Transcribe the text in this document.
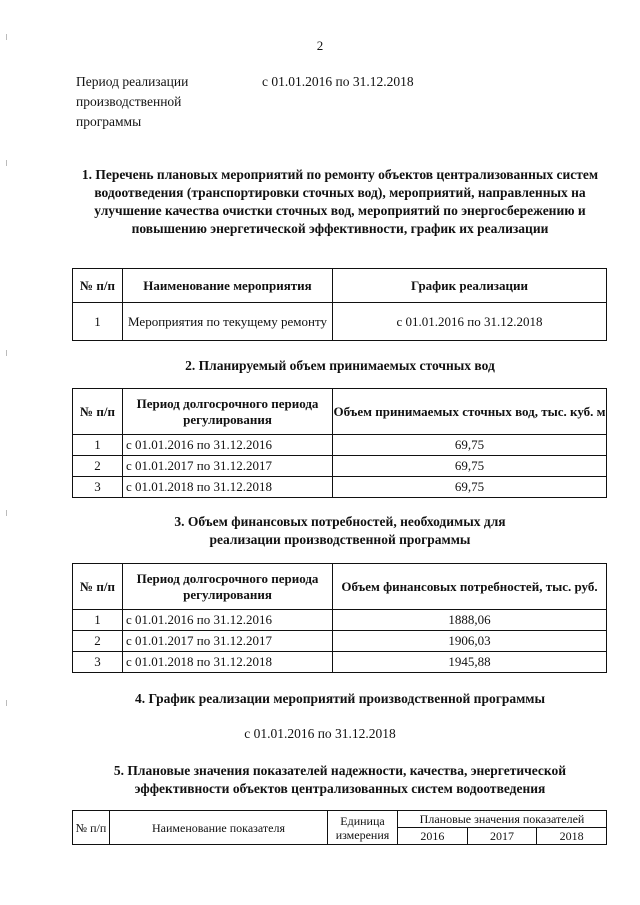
2
Период реализации производственной программы
с 01.01.2016 по 31.12.2018
1. Перечень плановых мероприятий по ремонту объектов централизованных систем водоотведения (транспортировки сточных вод), мероприятий, направленных на улучшение качества очистки сточных вод, мероприятий по энергосбережению и повышению энергетической эффективности, график их реализации
№ п/п	Наименование мероприятия	График реализации
1	Мероприятия по текущему ремонту	с 01.01.2016 по 31.12.2018
2. Планируемый объем принимаемых сточных вод
№ п/п	Период долгосрочного периода регулирования	Объем принимаемых сточных вод, тыс. куб. м
1	с 01.01.2016 по 31.12.2016	69,75
2	с 01.01.2017 по 31.12.2017	69,75
3	с 01.01.2018 по 31.12.2018	69,75
3. Объем финансовых потребностей, необходимых для реализации производственной программы
№ п/п	Период долгосрочного периода регулирования	Объем финансовых потребностей, тыс. руб.
1	с 01.01.2016 по 31.12.2016	1888,06
2	с 01.01.2017 по 31.12.2017	1906,03
3	с 01.01.2018 по 31.12.2018	1945,88
4. График реализации мероприятий производственной программы
с 01.01.2016 по 31.12.2018
5. Плановые значения показателей надежности, качества, энергетической эффективности объектов централизованных систем водоотведения
№ п/п	Наименование показателя	Единица измерения	Плановые значения показателей		
			2016	2017	2018
